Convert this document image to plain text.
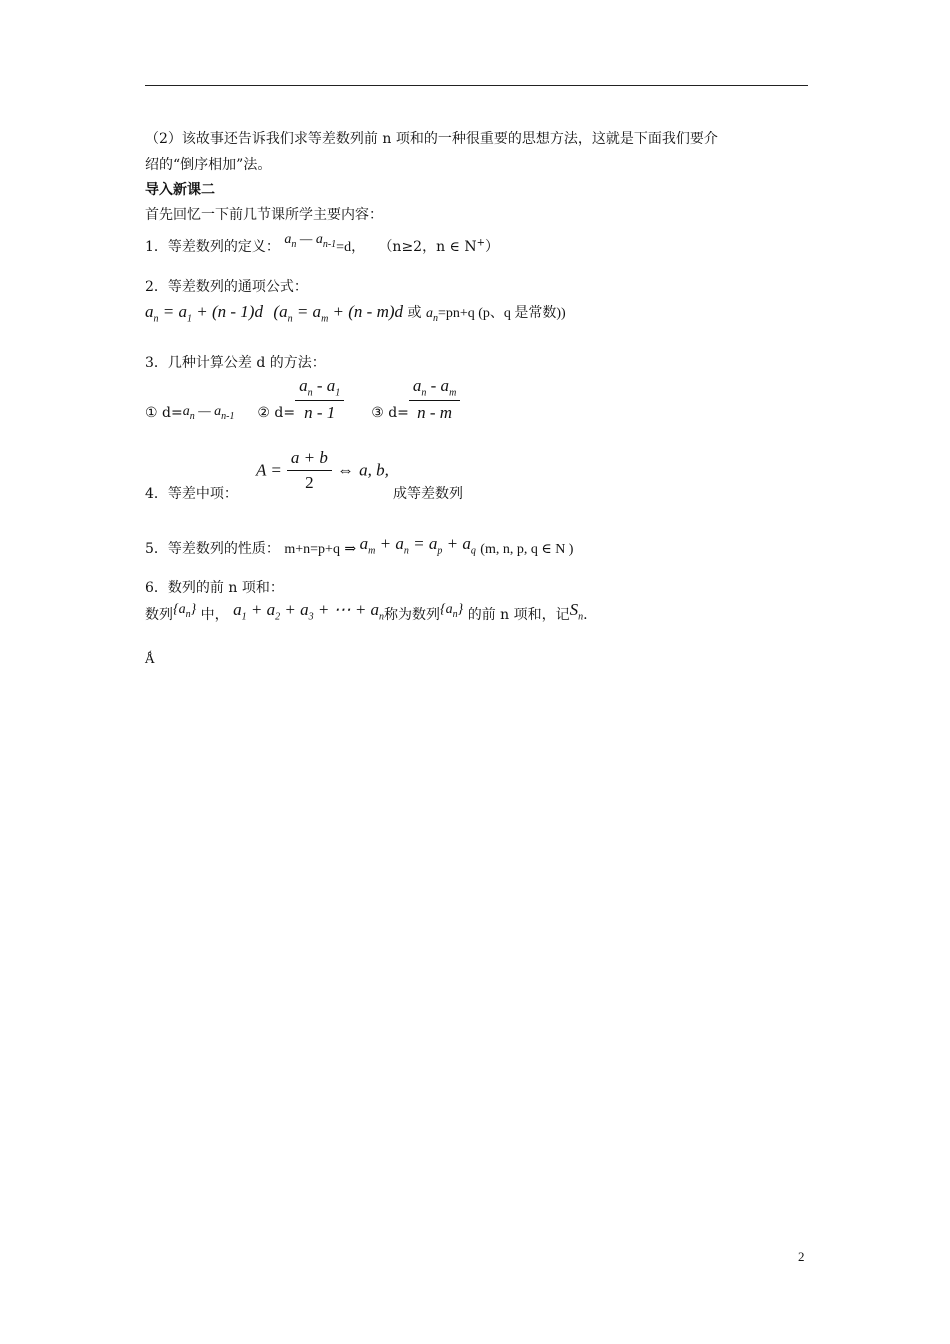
（2）该故事还告诉我们求等差数列前 n 项和的一种很重要的思想方法，这就是下面我们要介
绍的“倒序相加”法。
导入新课二
首先回忆一下前几节课所学主要内容：
1．等差数列的定义： $a_n$ — $a_{n-1}=d$， （n≥2，n ∈ N+）
2．等差数列的通项公式：
$a_n = a_1 + (n - 1)d$ ($a_n = a_m + (n - m)d$ 或 $a_n=pn+q$ (p、q 是常数))
3．几种计算公差 d 的方法：
① $d=a_n$ — $a_{n-1}$ ② $d= \frac{a_n - a_1}{n - 1}$ ③ $d= \frac{a_n - a_m}{n - m}$
4．等差中项：
$A = \frac{a + b}{2}$ ⇔ a, b,
成等差数列
5．等差数列的性质： m+n=p+q ⇒ $a_m + a_n = a_p + a_q$ (m, n, p, q ∈ N )
6．数列的前 n 项和：
数列$\{a_n\}$ 中， $a_1 + a_2 + a_3$ + ⋯ + $a_n$称为数列$\{a_n\}$ 的前 n 项和，记$S_n$.
Ǻ
2
